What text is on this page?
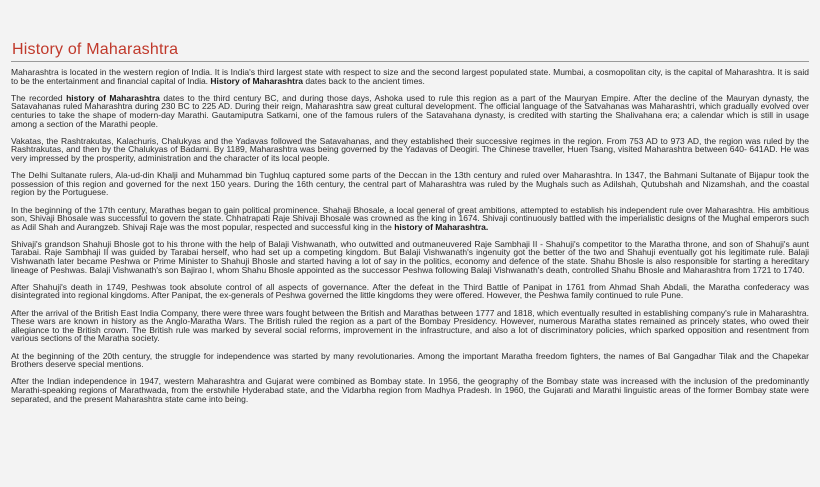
History of Maharashtra

Maharashtra is located in the western region of India. It is India's third largest state with respect to size and the second largest populated state. Mumbai, a cosmopolitan city, is the capital of Maharashtra. It is said to be the entertainment and financial capital of India. History of Maharashtra dates back to the ancient times.

The recorded history of Maharashtra dates to the third century BC, and during those days, Ashoka used to rule this region as a part of the Mauryan Empire. After the decline of the Mauryan dynasty, the Satavahanas ruled Maharashtra during 230 BC to 225 AD. During their reign, Maharashtra saw great cultural development. The official language of the Satvahanas was Maharashtri, which gradually evolved over centuries to take the shape of modern-day Marathi. Gautamiputra Satkarni, one of the famous rulers of the Satavahana dynasty, is credited with starting the Shalivahana era; a calendar which is still in usage among a section of the Marathi people.

Vakatas, the Rashtrakutas, Kalachuris, Chalukyas and the Yadavas followed the Satavahanas, and they established their successive regimes in the region. From 753 AD to 973 AD, the region was ruled by the Rashtrakutas, and then by the Chalukyas of Badami. By 1189, Maharashtra was being governed by the Yadavas of Deogiri. The Chinese traveller, Huen Tsang, visited Maharashtra between 640- 641AD. He was very impressed by the prosperity, administration and the character of its local people.

The Delhi Sultanate rulers, Ala-ud-din Khalji and Muhammad bin Tughluq captured some parts of the Deccan in the 13th century and ruled over Maharashtra. In 1347, the Bahmani Sultanate of Bijapur took the possession of this region and governed for the next 150 years. During the 16th century, the central part of Maharashtra was ruled by the Mughals such as Adilshah, Qutubshah and Nizamshah, and the coastal region by the Portuguese.

In the beginning of the 17th century, Marathas began to gain political prominence. Shahaji Bhosale, a local general of great ambitions, attempted to establish his independent rule over Maharashtra. His ambitious son, Shivaji Bhosale was successful to govern the state. Chhatrapati Raje Shivaji Bhosale was crowned as the king in 1674. Shivaji continuously battled with the imperialistic designs of the Mughal emperors such as Adil Shah and Aurangzeb. Shivaji Raje was the most popular, respected and successful king in the history of Maharashtra.

Shivaji's grandson Shahuji Bhosle got to his throne with the help of Balaji Vishwanath, who outwitted and outmaneuvered Raje Sambhaji II - Shahuji's competitor to the Maratha throne, and son of Shahuji's aunt Tarabai. Raje Sambhaji II was guided by Tarabai herself, who had set up a competing kingdom. But Balaji Vishwanath's ingenuity got the better of the two and Shahuji eventually got his legitimate rule. Balaji Vishwanath later became Peshwa or Prime Minister to Shahuji Bhosle and started having a lot of say in the politics, economy and defence of the state. Shahu Bhosle is also responsible for starting a hereditary lineage of Peshwas. Balaji Vishwanath's son Bajirao I, whom Shahu Bhosle appointed as the successor Peshwa following Balaji Vishwanath's death, controlled Shahu Bhosle and Maharashtra from 1721 to 1740.

After Shahuji's death in 1749, Peshwas took absolute control of all aspects of governance. After the defeat in the Third Battle of Panipat in 1761 from Ahmad Shah Abdali, the Maratha confederacy was disintegrated into regional kingdoms. After Panipat, the ex-generals of Peshwa governed the little kingdoms they were offered. However, the Peshwa family continued to rule Pune.

After the arrival of the British East India Company, there were three wars fought between the British and Marathas between 1777 and 1818, which eventually resulted in establishing company's rule in Maharashtra. These wars are known in history as the Anglo-Maratha Wars. The British ruled the region as a part of the Bombay Presidency. However, numerous Maratha states remained as princely states, who owed their allegiance to the British crown. The British rule was marked by several social reforms, improvement in the infrastructure, and also a lot of discriminatory policies, which sparked opposition and resentment from various sections of the Maratha society.

At the beginning of the 20th century, the struggle for independence was started by many revolutionaries. Among the important Maratha freedom fighters, the names of Bal Gangadhar Tilak and the Chapekar Brothers deserve special mentions.

After the Indian independence in 1947, western Maharashtra and Gujarat were combined as Bombay state. In 1956, the geography of the Bombay state was increased with the inclusion of the predominantly Marathi-speaking regions of Marathwada, from the erstwhile Hyderabad state, and the Vidarbha region from Madhya Pradesh. In 1960, the Gujarati and Marathi linguistic areas of the former Bombay state were separated, and the present Maharashtra state came into being.
